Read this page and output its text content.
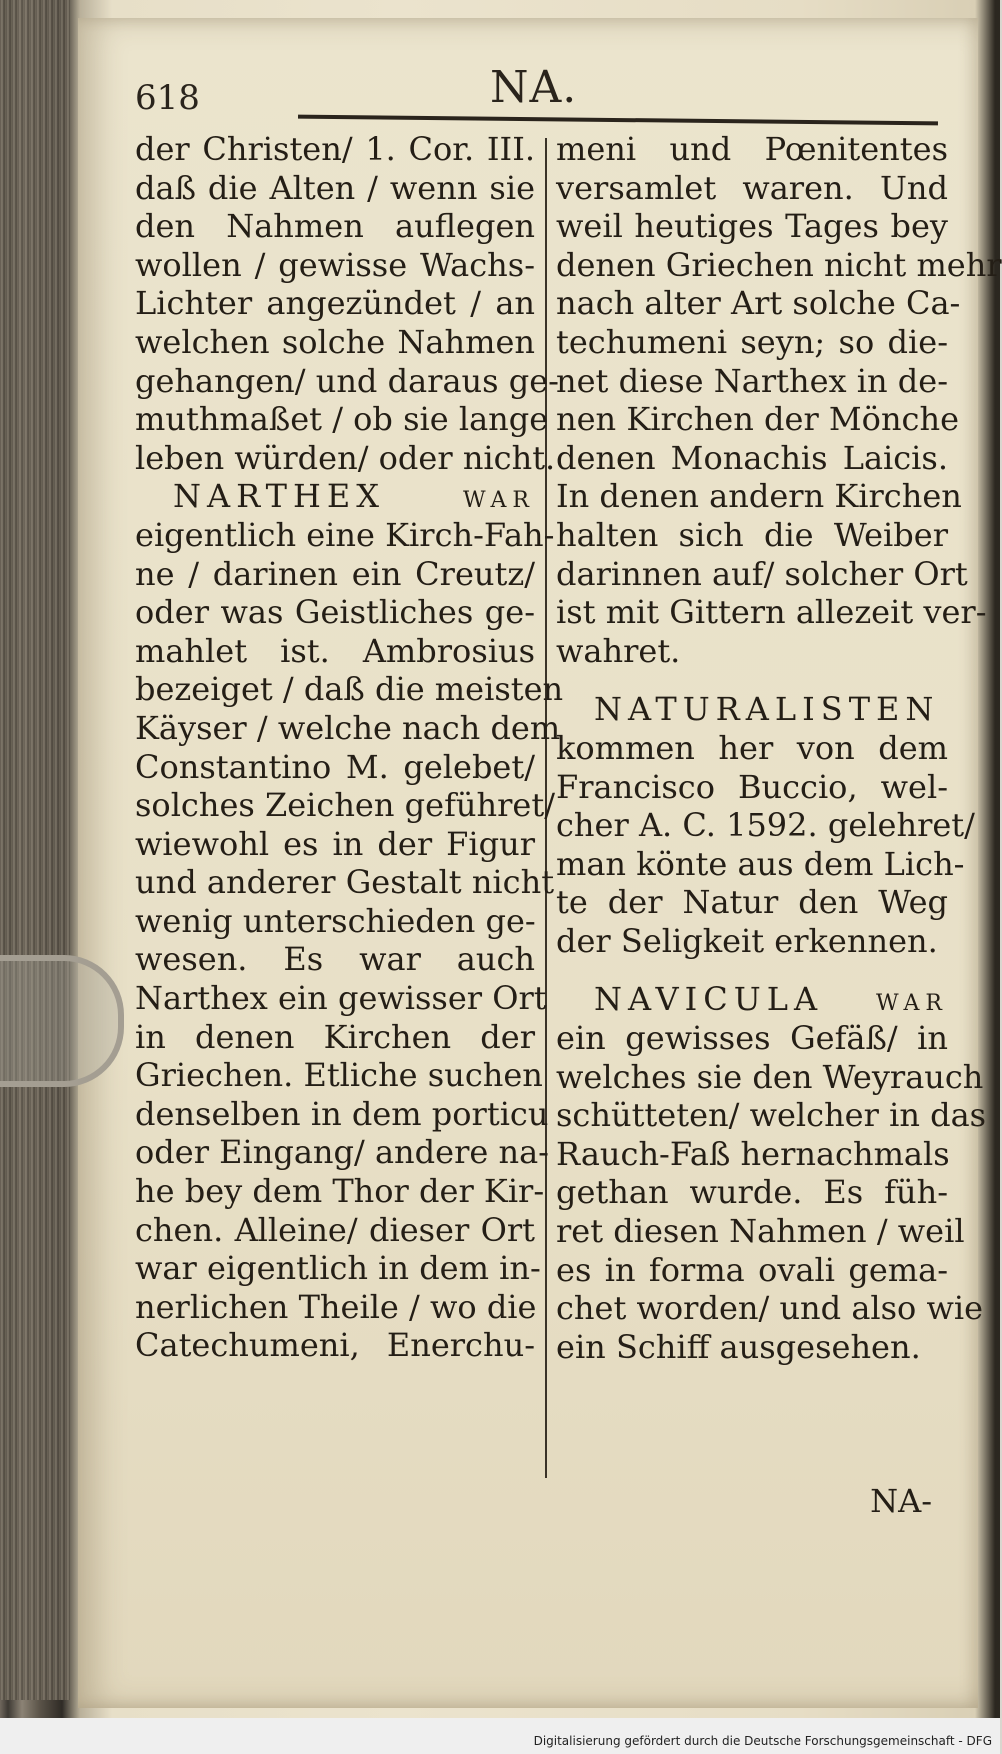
618	NA.
der Christen/ 1. Cor. III.
daß die Alten / wenn sie
den Nahmen auflegen
wollen / gewisse Wachs-
Lichter angezündet / an
welchen solche Nahmen
gehangen/ und daraus ge-
muthmaßet / ob sie lange
leben würden/ oder nicht.
NARTHEX war
eigentlich eine Kirch-Fah-
ne / darinen ein Creutz/
oder was Geistliches ge-
mahlet ist. Ambrosius
bezeiget / daß die meisten
Käyser / welche nach dem
Constantino M. gelebet/
solches Zeichen geführet/
wiewohl es in der Figur
und anderer Gestalt nicht
wenig unterschieden ge-
wesen. Es war auch
Narthex ein gewisser Ort
in denen Kirchen der
Griechen. Etliche suchen
denselben in dem porticu
oder Eingang/ andere na-
he bey dem Thor der Kir-
chen. Alleine/ dieser Ort
war eigentlich in dem in-
nerlichen Theile / wo die
Catechumeni, Enerchu-
meni und Pœnitentes
versamlet waren. Und
weil heutiges Tages bey
denen Griechen nicht mehr
nach alter Art solche Ca-
techumeni seyn; so die-
net diese Narthex in de-
nen Kirchen der Mönche
denen Monachis Laicis.
In denen andern Kirchen
halten sich die Weiber
darinnen auf/ solcher Ort
ist mit Gittern allezeit ver-
wahret.
NATURALISTEN
kommen her von dem
Francisco Buccio, wel-
cher A. C. 1592. gelehret/
man könte aus dem Lich-
te der Natur den Weg
der Seligkeit erkennen.
NAVICULA war
ein gewisses Gefäß/ in
welches sie den Weyrauch
schütteten/ welcher in das
Rauch-Faß hernachmals
gethan wurde. Es füh-
ret diesen Nahmen / weil
es in forma ovali gema-
chet worden/ und also wie
ein Schiff ausgesehen.
NA-
Digitalisierung gefördert durch die Deutsche Forschungsgemeinschaft - DFG
